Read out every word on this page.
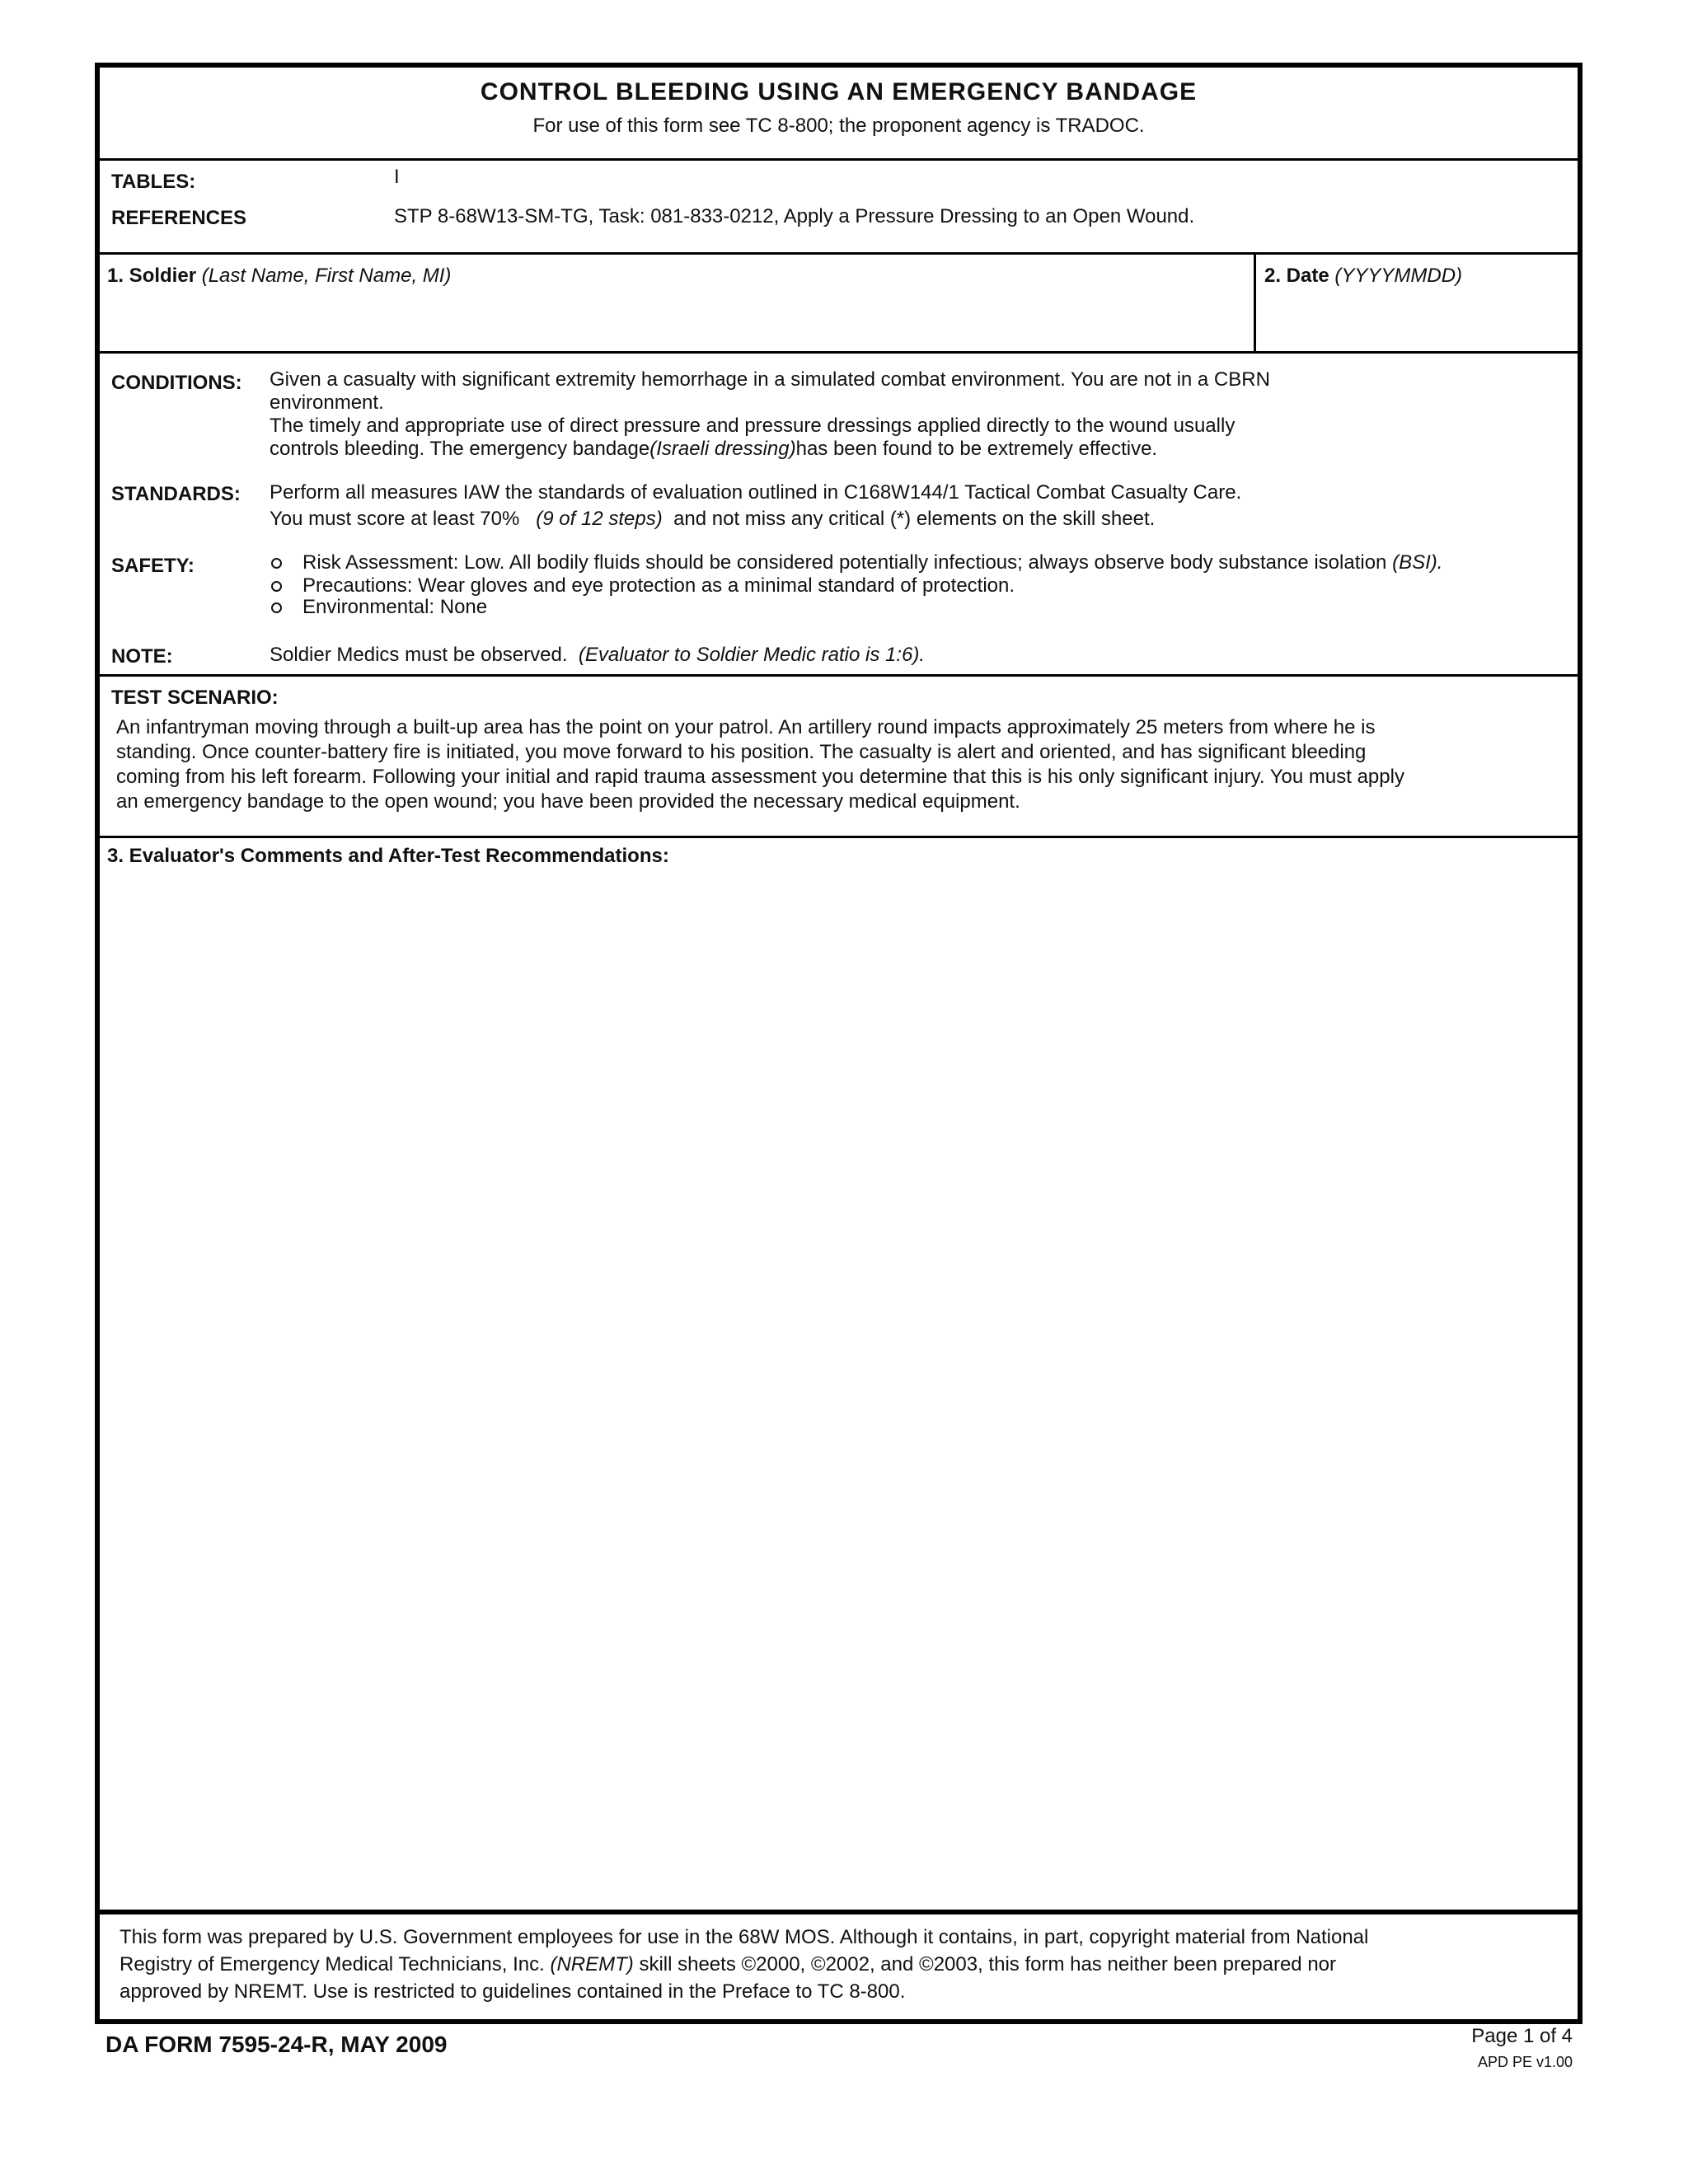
CONTROL BLEEDING USING AN EMERGENCY BANDAGE
For use of this form see TC 8-800; the proponent agency is TRADOC.
TABLES:	I
REFERENCES	STP 8-68W13-SM-TG, Task: 081-833-0212, Apply a Pressure Dressing to an Open Wound.
1. Soldier (Last Name, First Name, MI)	2. Date (YYYYMMDD)
CONDITIONS: Given a casualty with significant extremity hemorrhage in a simulated combat environment. You are not in a CBRN
environment.
The timely and appropriate use of direct pressure and pressure dressings applied directly to the wound usually
controls bleeding. The emergency bandage(Israeli dressing)has been found to be extremely effective.
STANDARDS: Perform all measures IAW the standards of evaluation outlined in C168W144/1 Tactical Combat Casualty Care.
You must score at least 70% (9 of 12 steps) and not miss any critical (*) elements on the skill sheet.
SAFETY:	Risk Assessment: Low. All bodily fluids should be considered potentially infectious; always observe body substance isolation (BSI).
Precautions: Wear gloves and eye protection as a minimal standard of protection.
Environmental: None
NOTE:	Soldier Medics must be observed. (Evaluator to Soldier Medic ratio is 1:6).
TEST SCENARIO:
An infantryman moving through a built-up area has the point on your patrol. An artillery round impacts approximately 25 meters from where he is
standing. Once counter-battery fire is initiated, you move forward to his position. The casualty is alert and oriented, and has significant bleeding
coming from his left forearm. Following your initial and rapid trauma assessment you determine that this is his only significant injury. You must apply
an emergency bandage to the open wound; you have been provided the necessary medical equipment.
3. Evaluator's Comments and After-Test Recommendations:
This form was prepared by U.S. Government employees for use in the 68W MOS. Although it contains, in part, copyright material from National
Registry of Emergency Medical Technicians, Inc. (NREMT) skill sheets ©2000, ©2002, and ©2003, this form has neither been prepared nor
approved by NREMT. Use is restricted to guidelines contained in the Preface to TC 8-800.
DA FORM 7595-24-R, MAY 2009	Page 1 of 4
APD PE v1.00
